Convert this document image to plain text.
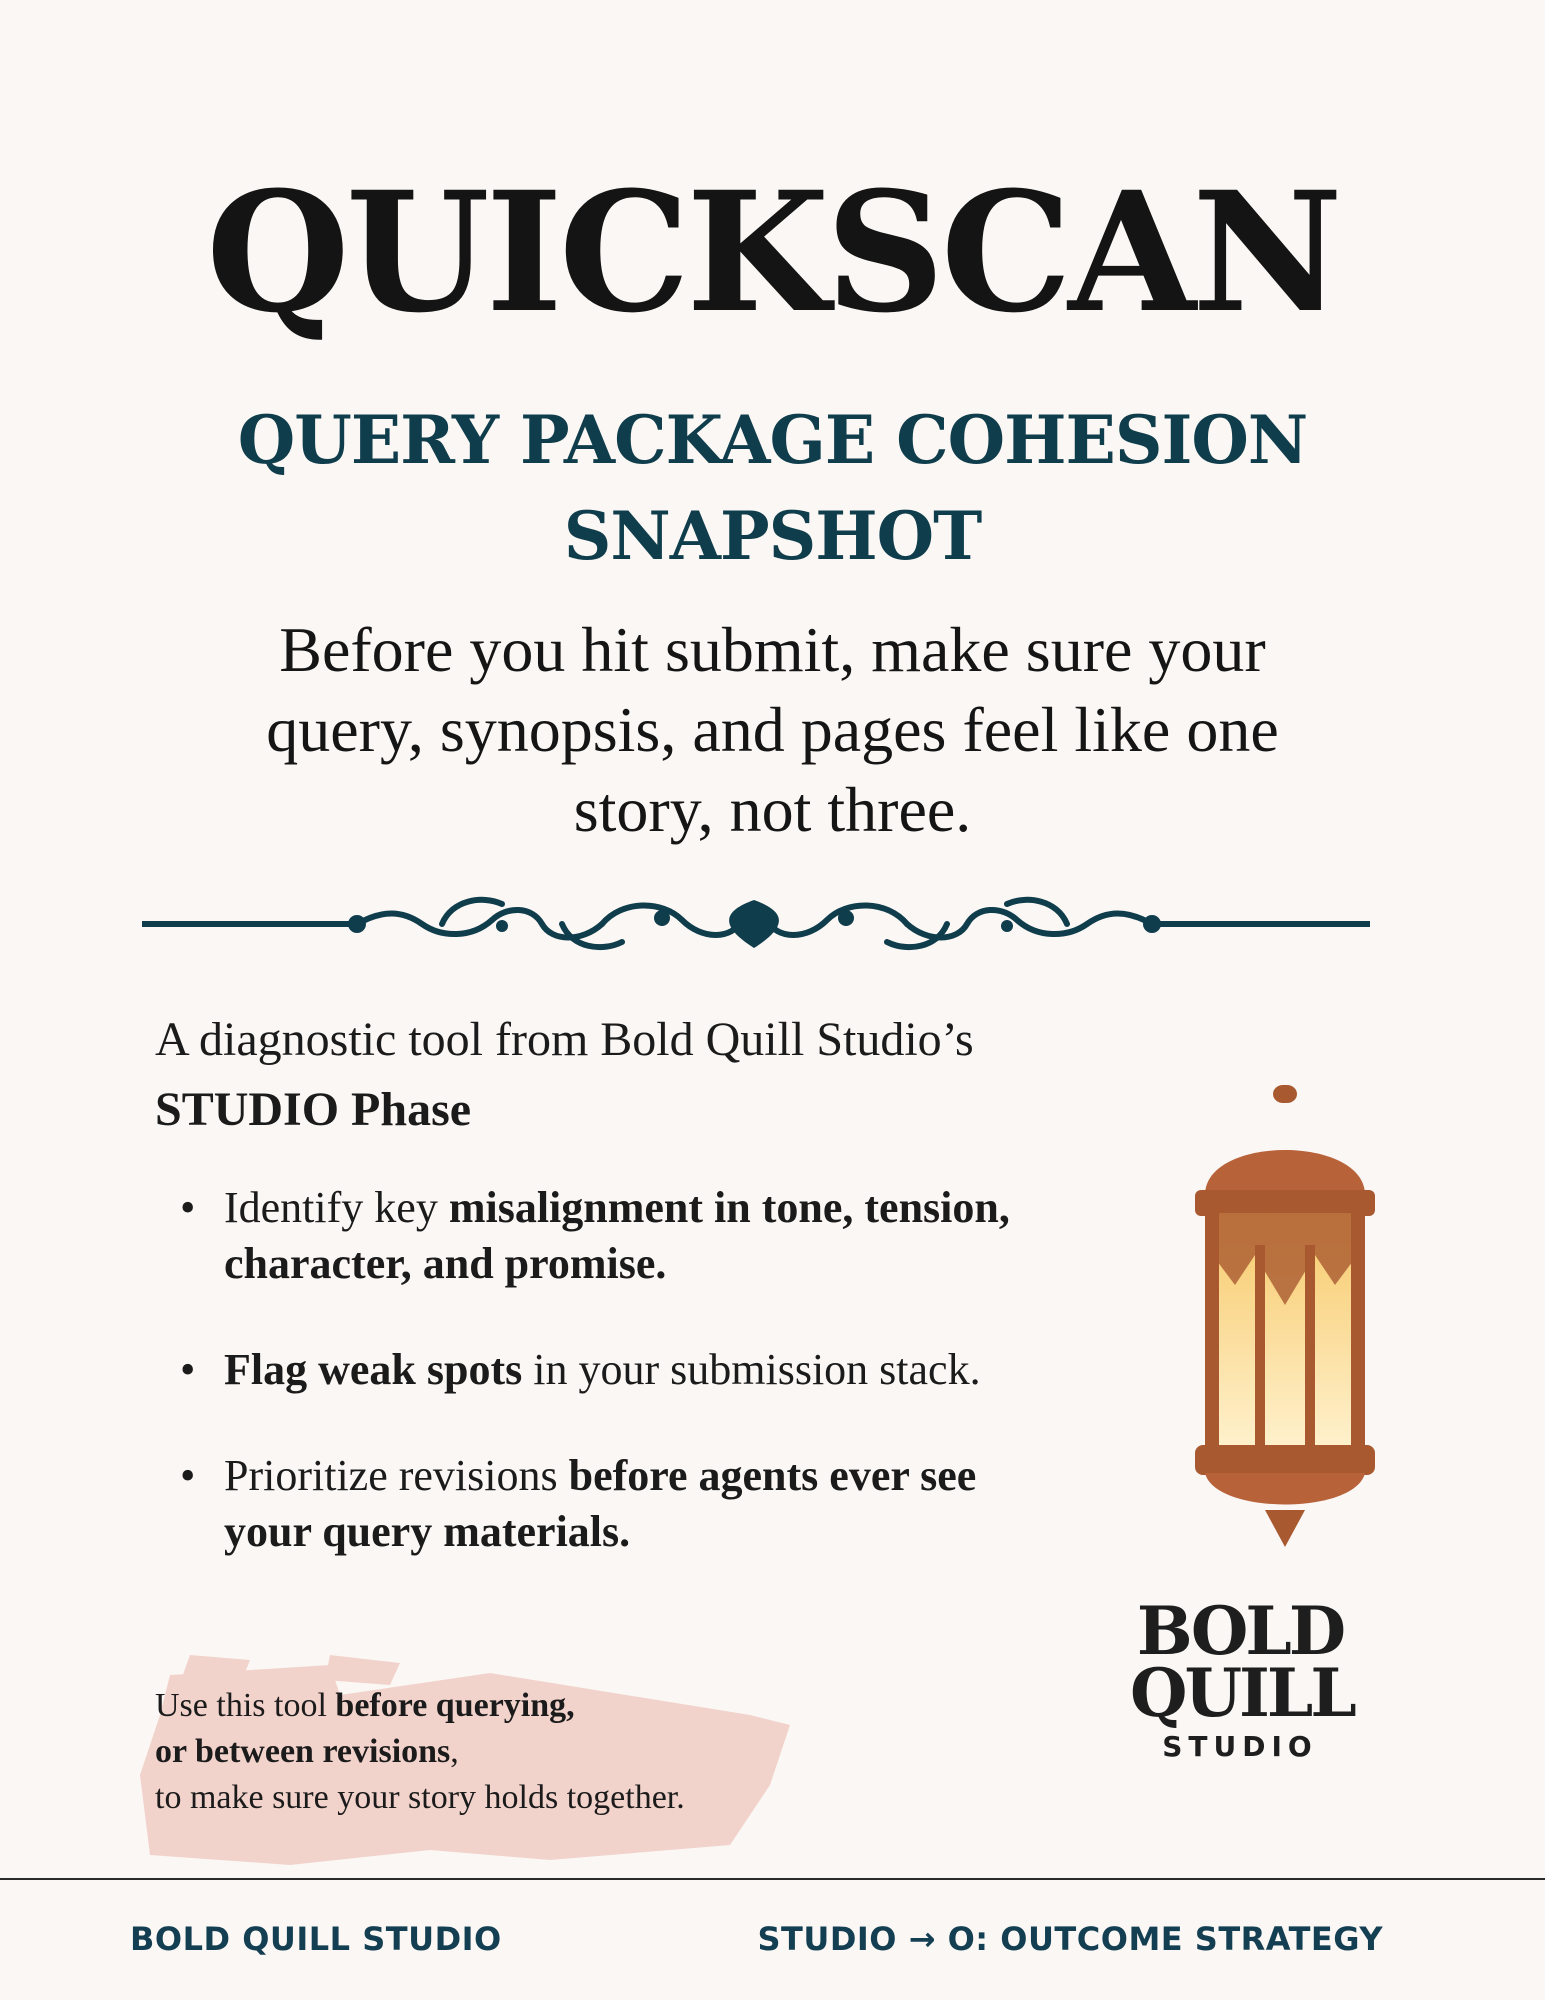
QUICKSCAN
QUERY PACKAGE COHESION
SNAPSHOT
Before you hit submit, make sure your
query, synopsis, and pages feel like one
story, not three.
A diagnostic tool from Bold Quill Studio’s
STUDIO Phase
• Identify key misalignment in tone, tension, character, and promise.
• Flag weak spots in your submission stack.
• Prioritize revisions before agents ever see your query materials.
Use this tool before querying,
or between revisions,
to make sure your story holds together.
BOLD
QUILL
STUDIO
BOLD QUILL STUDIO	STUDIO → O: OUTCOME STRATEGY
